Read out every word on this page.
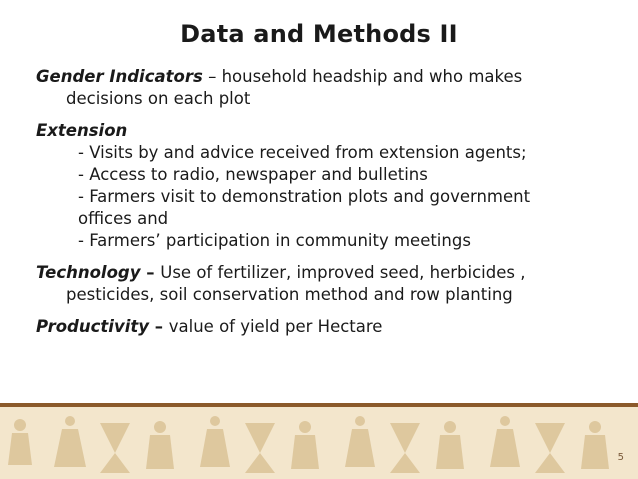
Data and Methods II
Gender Indicators – household headship and who makes
decisions on each plot
Extension
- Visits by and advice received from extension agents;
- Access to radio, newspaper and bulletins
- Farmers visit to demonstration plots and government
offices and
- Farmers’ participation in community meetings
Technology – Use of fertilizer, improved seed, herbicides ,
pesticides, soil conservation method and row planting
Productivity – value of yield per Hectare
5
